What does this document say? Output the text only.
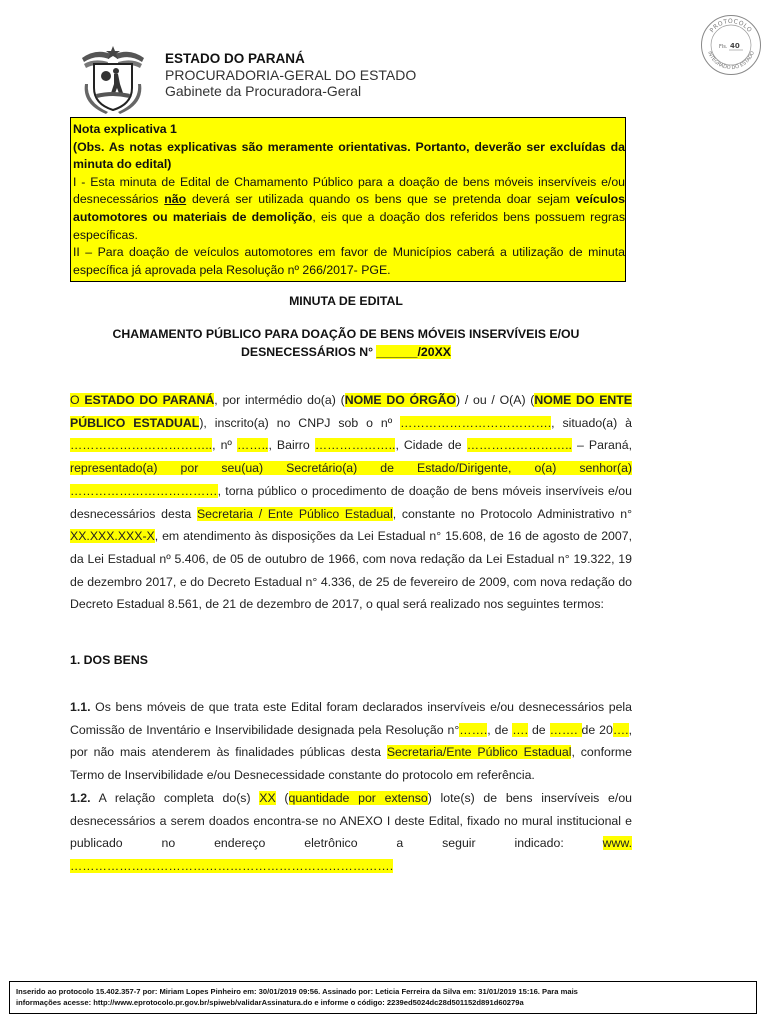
ESTADO DO PARANÁ
PROCURADORIA-GERAL DO ESTADO
Gabinete da Procuradora-Geral
PROTOCOLO
INTEGRADO DO ESTADO
Fls. 40

Nota explicativa 1

(Obs. As notas explicativas são meramente orientativas. Portanto, deverão ser excluídas da minuta do edital)

I - Esta minuta de Edital de Chamamento Público para a doação de bens móveis inservíveis e/ou desnecessários não deverá ser utilizada quando os bens que se pretenda doar sejam veículos automotores ou materiais de demolição, eis que a doação dos referidos bens possuem regras específicas.

II – Para doação de veículos automotores em favor de Municípios caberá a utilização de minuta específica já aprovada pela Resolução nº 266/2017- PGE.

MINUTA DE EDITAL
CHAMAMENTO PÚBLICO PARA DOAÇÃO DE BENS MÓVEIS INSERVÍVEIS E/OU
DESNECESSÁRIOS N° ______/20XX

O ESTADO DO PARANÁ, por intermédio do(a) (NOME DO ÓRGÃO) / ou / O(A) (NOME DO ENTE PÚBLICO ESTADUAL), inscrito(a) no CNPJ sob o nº ………………………………., situado(a) à …………………………….., nº …….., Bairro ……………….., Cidade de …………………….. – Paraná, representado(a) por seu(ua) Secretário(a) de Estado/Dirigente, o(a) senhor(a) ………………………………, torna público o procedimento de doação de bens móveis inservíveis e/ou desnecessários desta Secretaria / Ente Público Estadual, constante no Protocolo Administrativo n° XX.XXX.XXX-X, em atendimento às disposições da Lei Estadual n° 15.608, de 16 de agosto de 2007, da Lei Estadual nº 5.406, de 05 de outubro de 1966, com nova redação da Lei Estadual n° 19.322, 19 de dezembro 2017, e do Decreto Estadual n° 4.336, de 25 de fevereiro de 2009, com nova redação do Decreto Estadual 8.561, de 21 de dezembro de 2017, o qual será realizado nos seguintes termos:

1. DOS BENS

1.1. Os bens móveis de que trata este Edital foram declarados inservíveis e/ou desnecessários pela Comissão de Inventário e Inservibilidade designada pela Resolução n°……., de …. de ……. de 20…., por não mais atenderem às finalidades públicas desta Secretaria/Ente Público Estadual, conforme Termo de Inservibilidade e/ou Desnecessidade constante do protocolo em referência.

1.2. A relação completa do(s) XX (quantidade por extenso) lote(s) de bens inservíveis e/ou desnecessários a serem doados encontra-se no ANEXO I deste Edital, fixado no mural institucional e publicado no endereço eletrônico a seguir indicado: www. …………………………………………………………………….

Inserido ao protocolo 15.402.357-7 por: Miriam Lopes Pinheiro em: 30/01/2019 09:56. Assinado por: Leticia Ferreira da Silva em: 31/01/2019 15:16. Para mais
informações acesse: http://www.eprotocolo.pr.gov.br/spiweb/validarAssinatura.do e informe o código: 2239ed5024dc28d501152d891d60279a
